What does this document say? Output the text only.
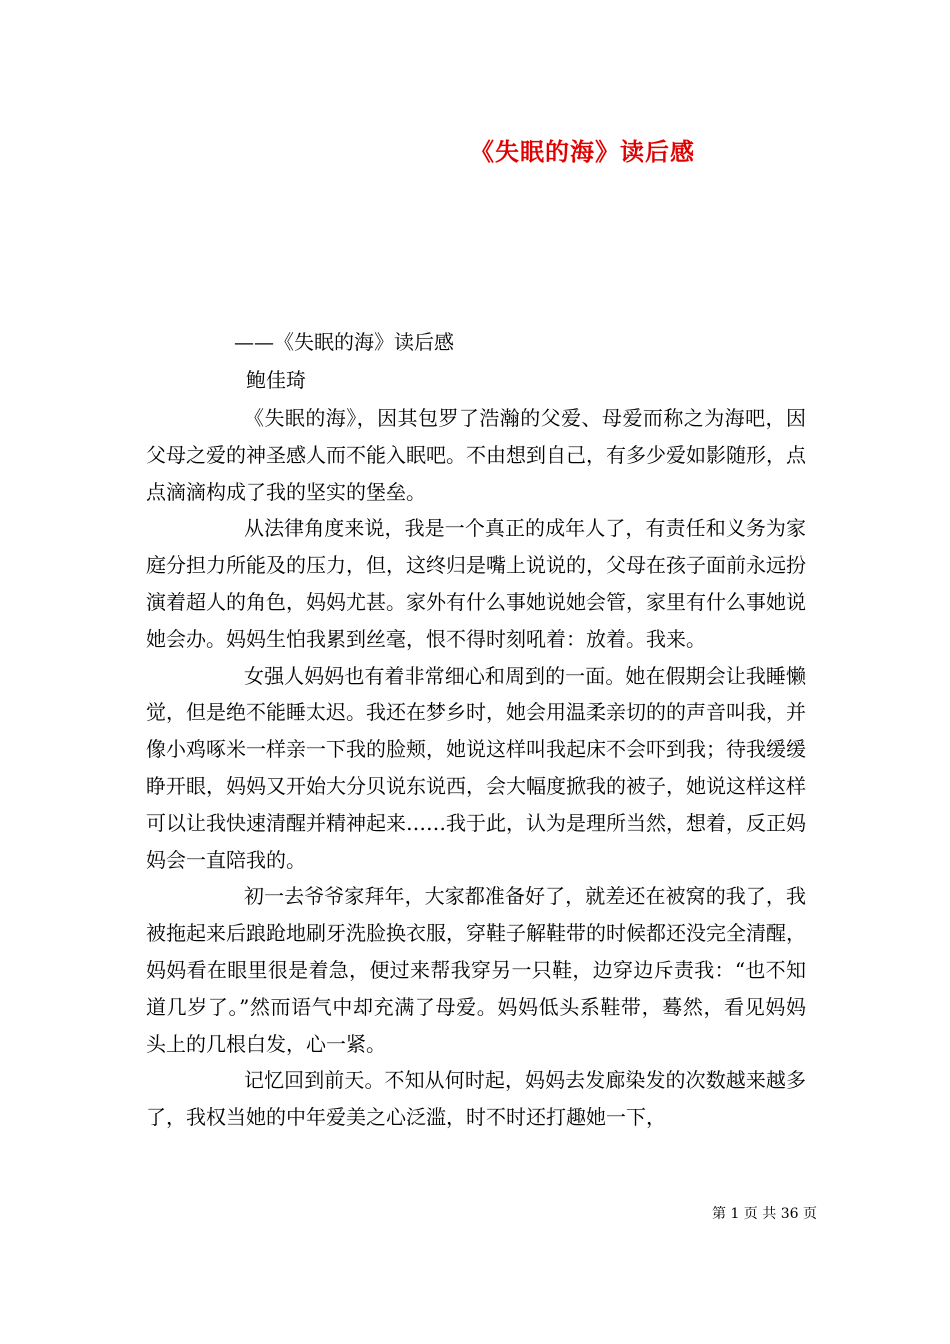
《失眠的海》读后感
——《失眠的海》读后感
鲍佳琦

《失眠的海》，因其包罗了浩瀚的父爱、母爱而称之为海吧，因父母之爱的神圣感人而不能入眠吧。不由想到自己，有多少爱如影随形，点点滴滴构成了我的坚实的堡垒。

从法律角度来说，我是一个真正的成年人了，有责任和义务为家庭分担力所能及的压力，但，这终归是嘴上说说的，父母在孩子面前永远扮演着超人的角色，妈妈尤甚。家外有什么事她说她会管，家里有什么事她说她会办。妈妈生怕我累到丝毫，恨不得时刻吼着：放着。我来。

女强人妈妈也有着非常细心和周到的一面。她在假期会让我睡懒觉，但是绝不能睡太迟。我还在梦乡时，她会用温柔亲切的的声音叫我，并像小鸡啄米一样亲一下我的脸颊，她说这样叫我起床不会吓到我；待我缓缓睁开眼，妈妈又开始大分贝说东说西，会大幅度掀我的被子，她说这样这样可以让我快速清醒并精神起来……我于此，认为是理所当然，想着，反正妈妈会一直陪我的。

初一去爷爷家拜年，大家都准备好了，就差还在被窝的我了，我被拖起来后踉跄地刷牙洗脸换衣服，穿鞋子解鞋带的时候都还没完全清醒，妈妈看在眼里很是着急，便过来帮我穿另一只鞋，边穿边斥责我：“也不知道几岁了。”然而语气中却充满了母爱。妈妈低头系鞋带，蓦然，看见妈妈头上的几根白发，心一紧。

记忆回到前天。不知从何时起，妈妈去发廊染发的次数越来越多了，我权当她的中年爱美之心泛滥，时不时还打趣她一下，

第 1 页 共 36 页
